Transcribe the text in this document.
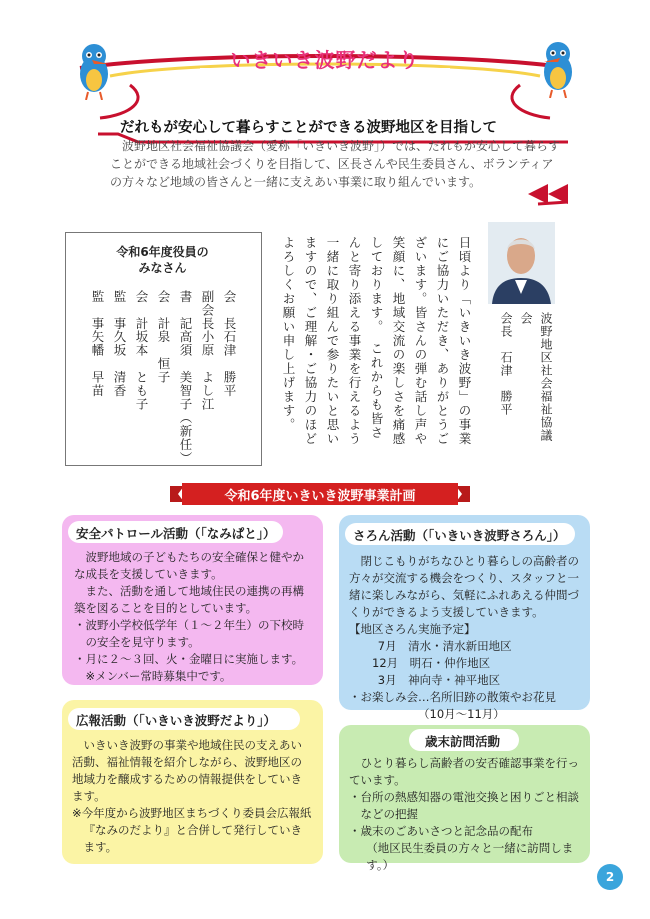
いきいき波野だより
だれもが安心して暮らすことができる波野地区を目指して
波野地区社会福祉協議会（愛称「いきいき波野」）では、だれもが安心して暮らすことができる地域社会づくりを目指して、区長さんや民生委員さん、ボランティアの方々など地域の皆さんと一緒に支えあい事業に取り組んでいます。
令和6年度役員の
みなさん
会　長
石津　勝平
副会長
小原　よし江
書　記
高須　美智子（新任）
会　計
泉　恒子
会　計
坂本　とも子
監　事
久坂　清香
監　事
矢幡　早苗	日頃より「いきいき波野」の事業にご協力いただき、ありがとうございます。皆さんの弾む話し声や笑顔に、地域交流の楽しさを痛感しております。　これからも皆さんと寄り添える事業を行えるよう一緒に取り組んで参りたいと思いますので、ご理解・ご協力のほどよろしくお願い申し上げます。	波野地区社会福祉協議会
会長　石津　勝平
令和6年度いきいき波野事業計画
安全パトロール活動（「なみぱと」）

波野地域の子どもたちの安全確保と健やかな成長を支援していきます。

また、活動を通して地域住民の連携の再構築を図ることを目的としています。

・波野小学校低学年（１～２年生）の下校時の安全を見守ります。

・月に２～３回、火・金曜日に実施します。

※メンバー常時募集中です。

さろん活動（「いきいき波野さろん」）

閉じこもりがちなひとり暮らしの高齢者の方々が交流する機会をつくり、スタッフと一緒に楽しみながら、気軽にふれあえる仲間づくりができるよう支援していきます。

【地区さろん実施予定】

7月　清水・清水新田地区

12月　明石・仲作地区

3月　神向寺・神平地区

・お楽しみ会…名所旧跡の散策やお花見

（10月～11月）

広報活動（「いきいき波野だより」）

いきいき波野の事業や地域住民の支えあい活動、福祉情報を紹介しながら、波野地区の地域力を醸成するための情報提供をしていきます。

※今年度から波野地区まちづくり委員会広報紙『なみのだより』と合併して発行していきます。

歳末訪問活動

ひとり暮らし高齢者の安否確認事業を行っています。

・台所の熱感知器の電池交換と困りごと相談などの把握

・歳末のごあいさつと記念品の配布

（地区民生委員の方々と一緒に訪問します。）

2
